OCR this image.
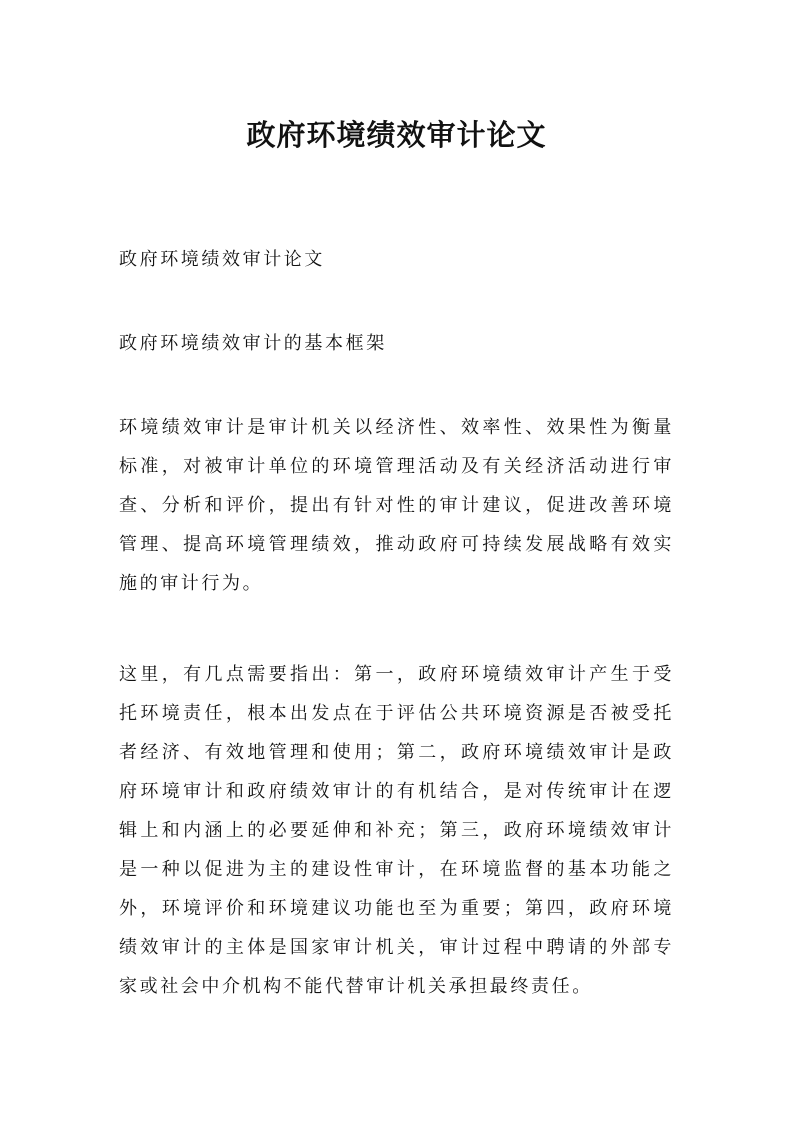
政府环境绩效审计论文

政府环境绩效审计论文

政府环境绩效审计的基本框架

环境绩效审计是审计机关以经济性、效率性、效果性为衡量标准，对被审计单位的环境管理活动及有关经济活动进行审查、分析和评价，提出有针对性的审计建议，促进改善环境管理、提高环境管理绩效，推动政府可持续发展战略有效实施的审计行为。

这里，有几点需要指出：第一，政府环境绩效审计产生于受托环境责任，根本出发点在于评估公共环境资源是否被受托者经济、有效地管理和使用；第二，政府环境绩效审计是政府环境审计和政府绩效审计的有机结合，是对传统审计在逻辑上和内涵上的必要延伸和补充；第三，政府环境绩效审计是一种以促进为主的建设性审计，在环境监督的基本功能之外，环境评价和环境建议功能也至为重要；第四，政府环境绩效审计的主体是国家审计机关，审计过程中聘请的外部专家或社会中介机构不能代替审计机关承担最终责任。
